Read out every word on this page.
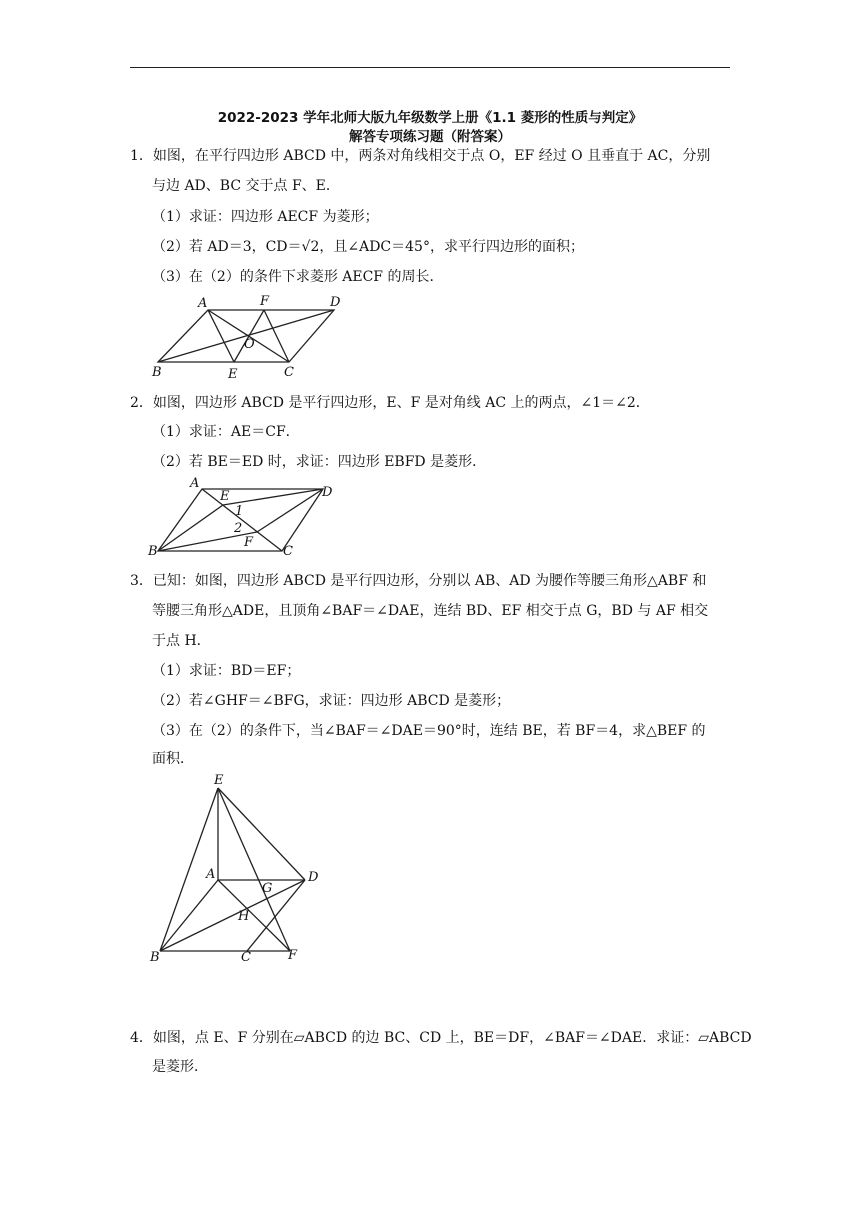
2022-2023 学年北师大版九年级数学上册《1.1 菱形的性质与判定》
解答专项练习题（附答案）
1．如图，在平行四边形 ABCD 中，两条对角线相交于点 O，EF 经过 O 且垂直于 AC，分别
与边 AD、BC 交于点 F、E．
（1）求证：四边形 AECF 为菱形；
（2）若 AD＝3，CD＝√2，且∠ADC＝45°，求平行四边形的面积；
（3）在（2）的条件下求菱形 AECF 的周长．
A	F	D
O
B	E	C
2．如图，四边形 ABCD 是平行四边形，E、F 是对角线 AC 上的两点，∠1＝∠2．
（1）求证：AE＝CF．
（2）若 BE＝ED 时，求证：四边形 EBFD 是菱形．
A
E	D
1
2
B
F
C
3．已知：如图，四边形 ABCD 是平行四边形，分别以 AB、AD 为腰作等腰三角形△ABF 和
等腰三角形△ADE，且顶角∠BAF＝∠DAE，连结 BD、EF 相交于点 G，BD 与 AF 相交
于点 H．
（1）求证：BD＝EF；
（2）若∠GHF＝∠BFG，求证：四边形 ABCD 是菱形；
（3）在（2）的条件下，当∠BAF＝∠DAE＝90°时，连结 BE，若 BF＝4，求△BEF 的
面积．
E
A
G
D
H
B	C	F
4．如图，点 E、F 分别在▱ABCD 的边 BC、CD 上，BE＝DF，∠BAF＝∠DAE．求证：▱ABCD
是菱形．
